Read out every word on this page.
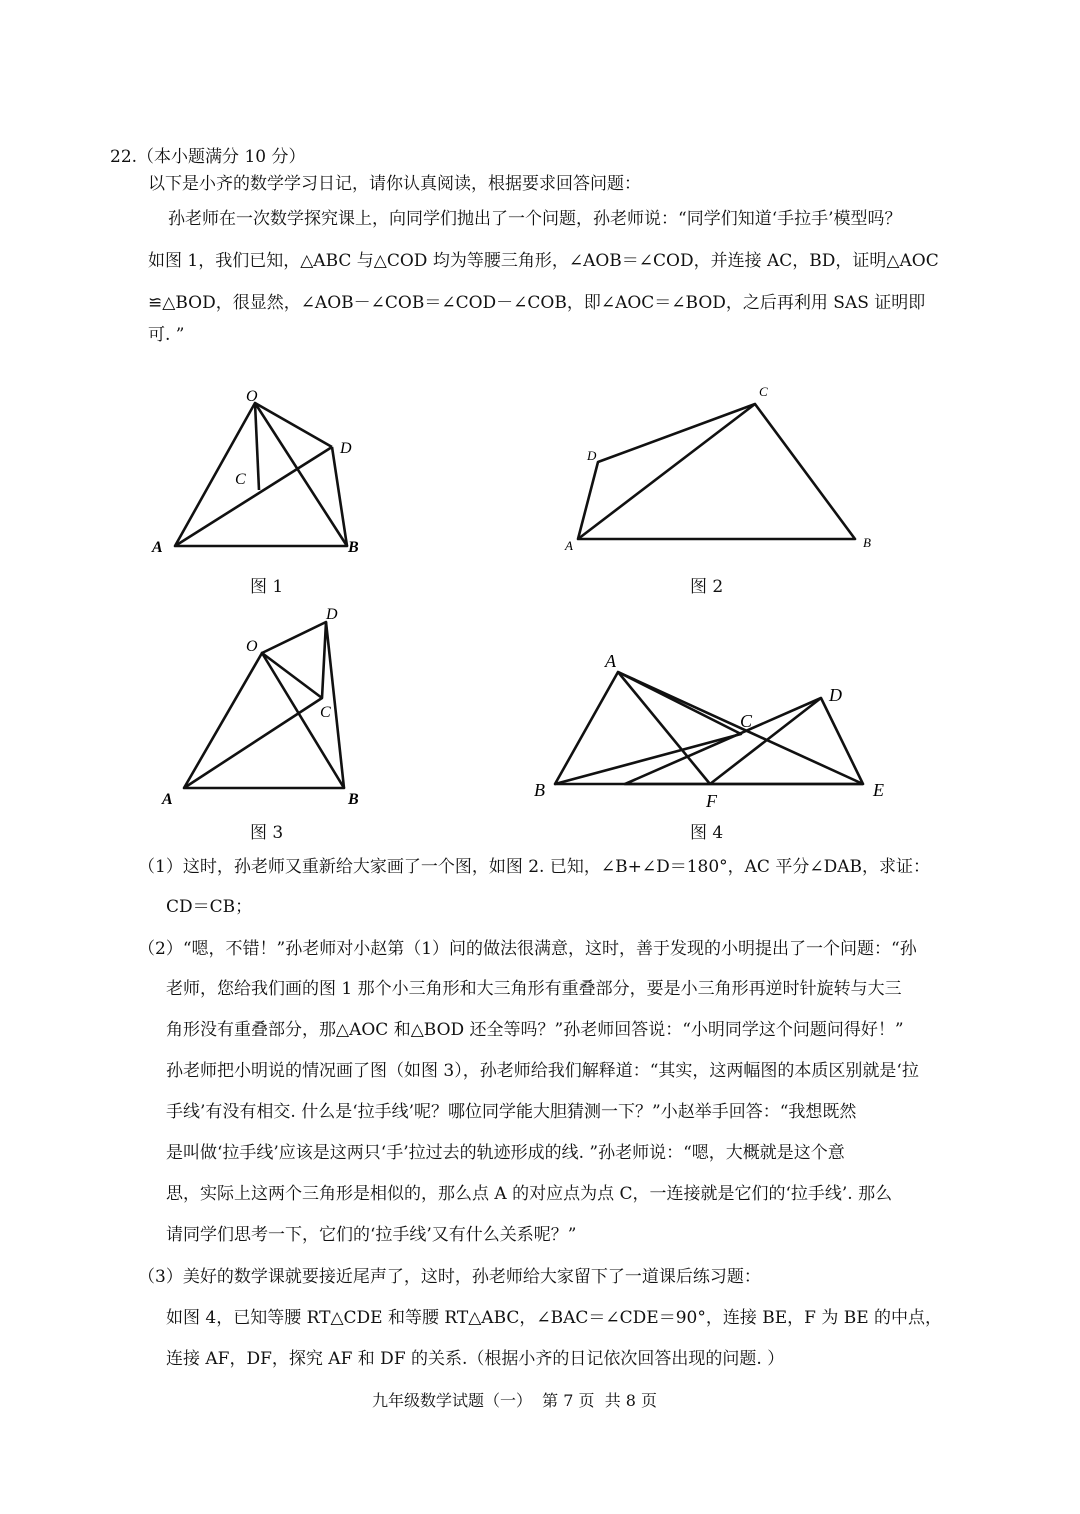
22.（本小题满分 10 分）
以下是小齐的数学学习日记，请你认真阅读，根据要求回答问题：
孙老师在一次数学探究课上，向同学们抛出了一个问题，孙老师说：“同学们知道‘手拉手’模型吗？
如图 1，我们已知，△ABC 与△COD 均为等腰三角形，∠AOB＝∠COD，并连接 AC，BD，证明△AOC
≌△BOD，很显然，∠AOB－∠COB＝∠COD－∠COB，即∠AOC＝∠BOD，之后再利用 SAS 证明即
可. ”
O
D
C
A	B
图 1
C
D
A	B
图 2
O
D
C
A	B
图 3
A
D
C
B
F
E
图 4
（1）这时，孙老师又重新给大家画了一个图，如图 2. 已知，∠B+∠D＝180°，AC 平分∠DAB，求证：
CD＝CB；
（2）“嗯，不错！”孙老师对小赵第（1）问的做法很满意，这时，善于发现的小明提出了一个问题：“孙
老师，您给我们画的图 1 那个小三角形和大三角形有重叠部分，要是小三角形再逆时针旋转与大三
角形没有重叠部分，那△AOC 和△BOD 还全等吗？”孙老师回答说：“小明同学这个问题问得好！”
孙老师把小明说的情况画了图（如图 3），孙老师给我们解释道：“其实，这两幅图的本质区别就是‘拉
手线’有没有相交. 什么是‘拉手线’呢？哪位同学能大胆猜测一下？”小赵举手回答：“我想既然
是叫做‘拉手线’应该是这两只‘手’拉过去的轨迹形成的线. ”孙老师说：“嗯，大概就是这个意
思，实际上这两个三角形是相似的，那么点 A 的对应点为点 C，一连接就是它们的‘拉手线’. 那么
请同学们思考一下，它们的‘拉手线’又有什么关系呢？”
（3）美好的数学课就要接近尾声了，这时，孙老师给大家留下了一道课后练习题：
如图 4，已知等腰 RT△CDE 和等腰 RT△ABC，∠BAC＝∠CDE＝90°，连接 BE，F 为 BE 的中点，
连接 AF，DF，探究 AF 和 DF 的关系.（根据小齐的日记依次回答出现的问题. ）
九年级数学试题（一）  第 7 页  共 8 页
